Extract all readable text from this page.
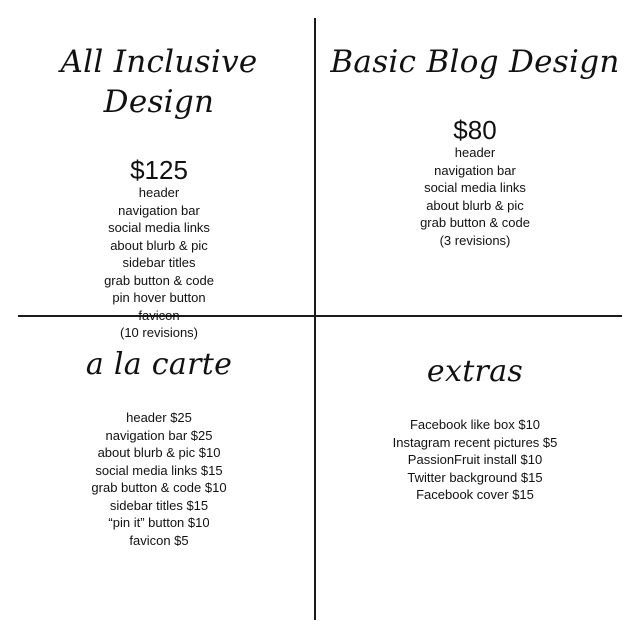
All Inclusive Design
$125
header
navigation bar
social media links
about blurb & pic
sidebar titles
grab button & code
pin hover button
favicon
(10 revisions)
Basic Blog Design
$80
header
navigation bar
social media links
about blurb & pic
grab button & code
(3 revisions)
a la carte
header $25
navigation bar $25
about blurb & pic $10
social media links $15
grab button & code $10
sidebar titles $15
“pin it” button $10
favicon $5
extras
Facebook like box $10
Instagram recent pictures $5
PassionFruit install $10
Twitter background $15
Facebook cover $15
